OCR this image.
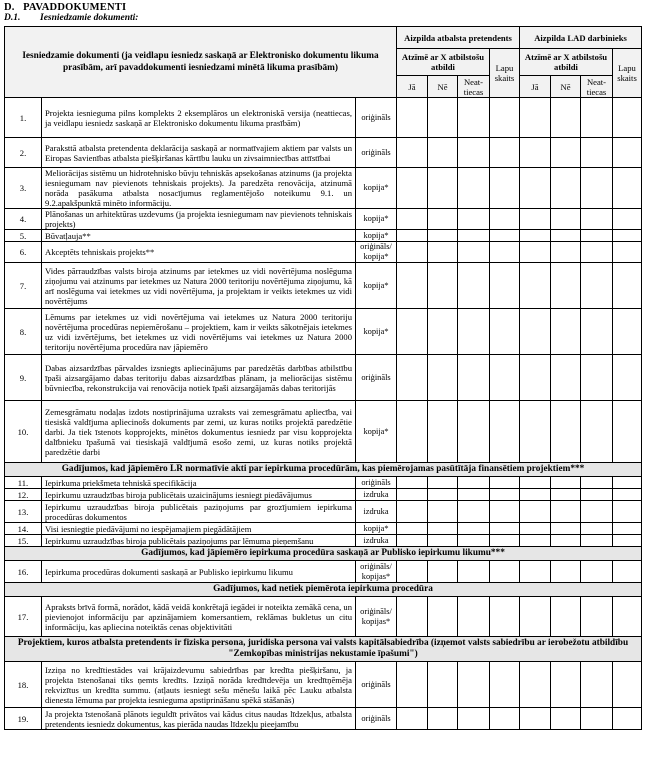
D.   PAVADDOKUMENTI
D.1. Iesniedzamie dokumenti:
Iesniedzamie dokumenti (ja veidlapu iesniedz saskaņā ar Elektronisko dokumentu likuma prasībām, arī pavaddokumenti iesniedzami minētā likuma prasībām)			Aizpilda atbalsta pretendents				Aizpilda LAD darbinieks			
			Atzīmē ar X atbilstošu atbildi			Lapu skaits	Atzīmē ar X atbilstošu atbildi			Lapu skaits
			Jā	Nē	Neat-tiecas		Jā	Nē	Neat-tiecas	
1.	Projekta iesnieguma pilns komplekts 2 eksemplāros un elektroniskā versija (neattiecas, ja veidlapu iesniedz saskaņā ar Elektronisko dokumentu likuma prasībām)	oriģināls								
2.	Paraksttā atbalsta pretendenta deklarācija saskaņā ar normatīvajiem aktiem par valsts un Eiropas Savienības atbalsta piešķiršanas kārtību lauku un zivsaimniecības attīstībai	oriģināls								
3.	Meliorācijas sistēmu un hidrotehnisko būvju tehniskās apsekošanas atzinums (ja projekta iesniegumam nav pievienots tehniskais projekts). Ja paredzēta renovācija, atzinumā norāda pasākuma atbalsta nosacījumus reglamentējošo noteikumu 9.1. un 9.2.apakšpunktā minēto informāciju.	kopija*								
4.	Plānošanas un arhitektūras uzdevums (ja projekta iesniegumam nav pievienots tehniskais projekts)	kopija*								
5.	Būvatļauja**	kopija*								
6.	Akceptēts tehniskais projekts**	oriģināls/ kopija*								
7.	Vides pārraudzības valsts biroja atzinums par ietekmes uz vidi novērtējuma noslēguma ziņojumu vai atzinums par ietekmes uz Natura 2000 teritoriju novērtējuma ziņojumu, kā arī noslēguma vai ietekmes uz vidi novērtējuma, ja projektam ir veikts ietekmes uz vidi novērtējums	kopija*								
8.	Lēmums par ietekmes uz vidi novērtējuma vai ietekmes uz Natura 2000 teritoriju novērtējuma procedūras nepiemērošanu – projektiem, kam ir veikts sākotnējais ietekmes uz vidi izvērtējums, bet ietekmes uz vidi novērtējums vai ietekmes uz Natura 2000 teritoriju novērtējuma procedūra nav jāpiemēro	kopija*								
9.	Dabas aizsardzības pārvaldes izsniegts apliecinājums par paredzētās darbības atbilstību īpaši aizsargājamo dabas teritoriju dabas aizsardzības plānam, ja meliorācijas sistēmu būvniecība, rekonstrukcija vai renovācija notiek īpaši aizsargājamās dabas teritorijās	oriģināls								
10.	Zemesgrāmatu nodaļas izdots nostiprinājuma uzraksts vai zemesgrāmatu apliecība, vai tiesiskā valdījuma apliecinošs dokuments par zemi, uz kuras notiks projektā paredzētie darbi. Ja tiek īstenots kopprojekts, minētos dokumentus iesniedz par visu kopprojekta dalībnieku īpašumā vai tiesiskajā valdījumā esošo zemi, uz kuras notiks projektā paredzētie darbi	kopija*								
Gadījumos, kad jāpiemēro LR normatīvie akti par iepirkuma procedūrām, kas piemērojamas pasūtītāja finansētiem projektiem***										
11.	Iepirkuma priekšmeta tehniskā specifikācija	oriģināls								
12.	Iepirkumu uzraudzības biroja publicētais uzaicinājums iesniegt piedāvājumus	izdruka								
13.	Iepirkumu uzraudzības biroja publicētais paziņojums par grozījumiem iepirkuma procedūras dokumentos	izdruka								
14.	Visi iesniegtie piedāvājumi no iespējamajiem piegādātājiem	kopija*								
15.	Iepirkumu uzraudzības biroja publicētais paziņojums par lēmuma pieņemšanu	izdruka								
Gadījumos, kad jāpiemēro iepirkuma procedūra saskaņā ar Publisko iepirkumu likumu***										
16.	Iepirkuma procedūras dokumenti saskaņā ar Publisko iepirkumu likumu	oriģināls/ kopijas*								
Gadījumos, kad netiek piemērota iepirkuma procedūra										
17.	Apraksts brīvā formā, norādot, kādā veidā konkrētajā iegādei ir noteikta zemākā cena, un pievienojot informāciju par apzinājamiem komersantiem, reklāmas bukletus un citu informāciju, kas apliecina noteiktās cenas objektivitāti	oriģināls/ kopijas*								
Projektiem, kuros atbalsta pretendents ir fiziska persona, juridiska persona vai valsts kapitālsabiedrība (izņemot valsts sabiedrību ar ierobežotu atbildību "Zemkopības ministrijas nekustamie īpašumi")										
18.	Izziņa no kredītiestādes vai krājaizdevumu sabiedrības par kredīta piešķiršanu, ja projekta īstenošanai tiks ņemts kredīts. Izziņā norāda kredītdevēja un kredītņēmēja rekvizītus un kredīta summu. (atļauts iesniegt sešu mēnešu laikā pēc Lauku atbalsta dienesta lēmuma par projekta iesnieguma apstiprināšanu spēkā stāšanās)	oriģināls								
19.	Ja projekta īstenošanā plānots ieguldīt privātos vai kādus citus naudas līdzekļus, atbalsta pretendents iesniedz dokumentus, kas pierāda naudas līdzekļu pieejamību	oriģināls								
